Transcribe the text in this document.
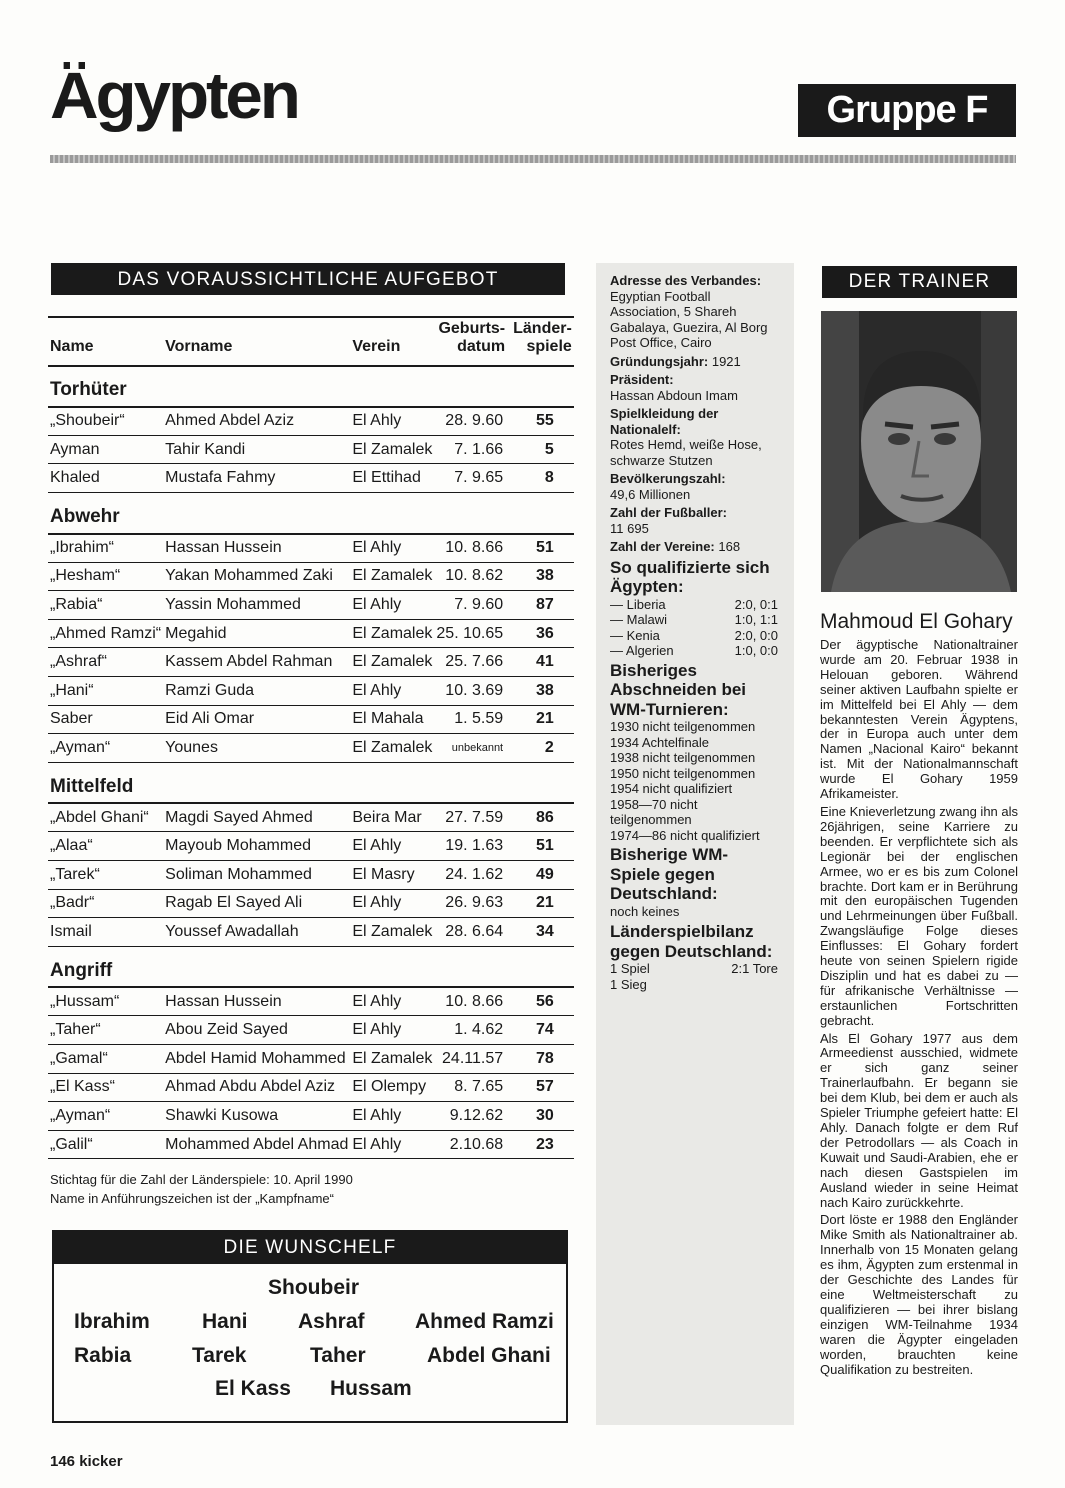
Ägypten	Gruppe F
DAS VORAUSSICHTLICHE AUFGEBOT
Name	Vorname	Verein	Geburts- datum	Länder- spiele
Torhüter				
„Shoubeir“	Ahmed Abdel Aziz	El Ahly	28. 9.60	55
Ayman	Tahir Kandi	El Zamalek	7. 1.66	5
Khaled	Mustafa Fahmy	El Ettihad	7. 9.65	8
Abwehr				
„Ibrahim“	Hassan Hussein	El Ahly	10. 8.66	51
„Hesham“	Yakan Mohammed Zaki	El Zamalek	10. 8.62	38
„Rabia“	Yassin Mohammed	El Ahly	7. 9.60	87
„Ahmed Ramzi“	Megahid	El Zamalek	25. 10.65	36
„Ashraf“	Kassem Abdel Rahman	El Zamalek	25. 7.66	41
„Hani“	Ramzi Guda	El Ahly	10. 3.69	38
Saber	Eid Ali Omar	El Mahala	1. 5.59	21
„Ayman“	Younes	El Zamalek	unbekannt	2
Mittelfeld				
„Abdel Ghani“	Magdi Sayed Ahmed	Beira Mar	27. 7.59	86
„Alaa“	Mayoub Mohammed	El Ahly	19. 1.63	51
„Tarek“	Soliman Mohammed	El Masry	24. 1.62	49
„Badr“	Ragab El Sayed Ali	El Ahly	26. 9.63	21
Ismail	Youssef Awadallah	El Zamalek	28. 6.64	34
Angriff				
„Hussam“	Hassan Hussein	El Ahly	10. 8.66	56
„Taher“	Abou Zeid Sayed	El Ahly	1. 4.62	74
„Gamal“	Abdel Hamid Mohammed	El Zamalek	24.11.57	78
„El Kass“	Ahmad Abdu Abdel Aziz	El Olempy	8. 7.65	57
„Ayman“	Shawki Kusowa	El Ahly	9.12.62	30
„Galil“	Mohammed Abdel Ahmad	El Ahly	2.10.68	23
Stichtag für die Zahl der Länderspiele: 10. April 1990
Name in Anführungszeichen ist der „Kampfname“
DIE WUNSCHELF
Shoubeir
Ibrahim Hani Ashraf Ahmed Ramzi
Rabia	Tarek	Taher	Abdel Ghani
El Kass Hussam
146 kicker
Adresse des Verbandes:
Egyptian Football Association, 5 Shareh Gabalaya, Guezira, Al Borg Post Office, Cairo
Gründungsjahr: 1921
Präsident:
Hassan Abdoun Imam
Spielkleidung der Nationalelf:
Rotes Hemd, weiße Hose, schwarze Stutzen
Bevölkerungszahl:
49,6 Millionen
Zahl der Fußballer:
11 695
Zahl der Vereine: 168
So qualifizierte sich Ägypten:
— Liberia	2:0, 0:1
— Malawi	1:0, 1:1
— Kenia	2:0, 0:0
— Algerien	1:0, 0:0
Bisheriges Abschneiden bei WM-Turnieren:
1930 nicht teilgenommen
1934 Achtelfinale
1938 nicht teilgenommen
1950 nicht teilgenommen
1954 nicht qualifiziert
1958—70 nicht teilgenommen
1974—86 nicht qualifiziert
Bisherige WM-Spiele gegen Deutschland:
noch keines
Länderspielbilanz gegen Deutschland:
1 Spiel	2:1 Tore
1 Sieg
DER TRAINER
Mahmoud El Gohary

Der ägyptische Nationaltrainer wurde am 20. Februar 1938 in Helouan geboren. Während seiner aktiven Laufbahn spielte er im Mittelfeld bei El Ahly — dem bekanntesten Verein Ägyptens, der in Europa auch unter dem Namen „Nacional Kairo“ bekannt ist. Mit der Nationalmannschaft wurde El Gohary 1959 Afrikameister.

Eine Knieverletzung zwang ihn als 26jährigen, seine Karriere zu beenden. Er verpflichtete sich als Legionär bei der englischen Armee, wo er es bis zum Colonel brachte. Dort kam er in Berührung mit den europäischen Tugenden und Lehrmeinungen über Fußball. Zwangsläufige Folge dieses Einflusses: El Gohary fordert heute von seinen Spielern rigide Disziplin und hat es dabei zu — für afrikanische Verhältnisse — erstaunlichen Fortschritten gebracht.

Als El Gohary 1977 aus dem Armeedienst ausschied, widmete er sich ganz seiner Trainerlaufbahn. Er begann sie bei dem Klub, bei dem er auch als Spieler Triumphe gefeiert hatte: El Ahly. Danach folgte er dem Ruf der Petrodollars — als Coach in Kuwait und Saudi-Arabien, ehe er nach diesen Gastspielen im Ausland wieder in seine Heimat nach Kairo zurückkehrte.

Dort löste er 1988 den Engländer Mike Smith als Nationaltrainer ab. Innerhalb von 15 Monaten gelang es ihm, Ägypten zum erstenmal in der Geschichte des Landes für eine Weltmeisterschaft zu qualifizieren — bei ihrer bislang einzigen WM-Teilnahme 1934 waren die Ägypter eingeladen worden, brauchten keine Qualifikation zu bestreiten.
